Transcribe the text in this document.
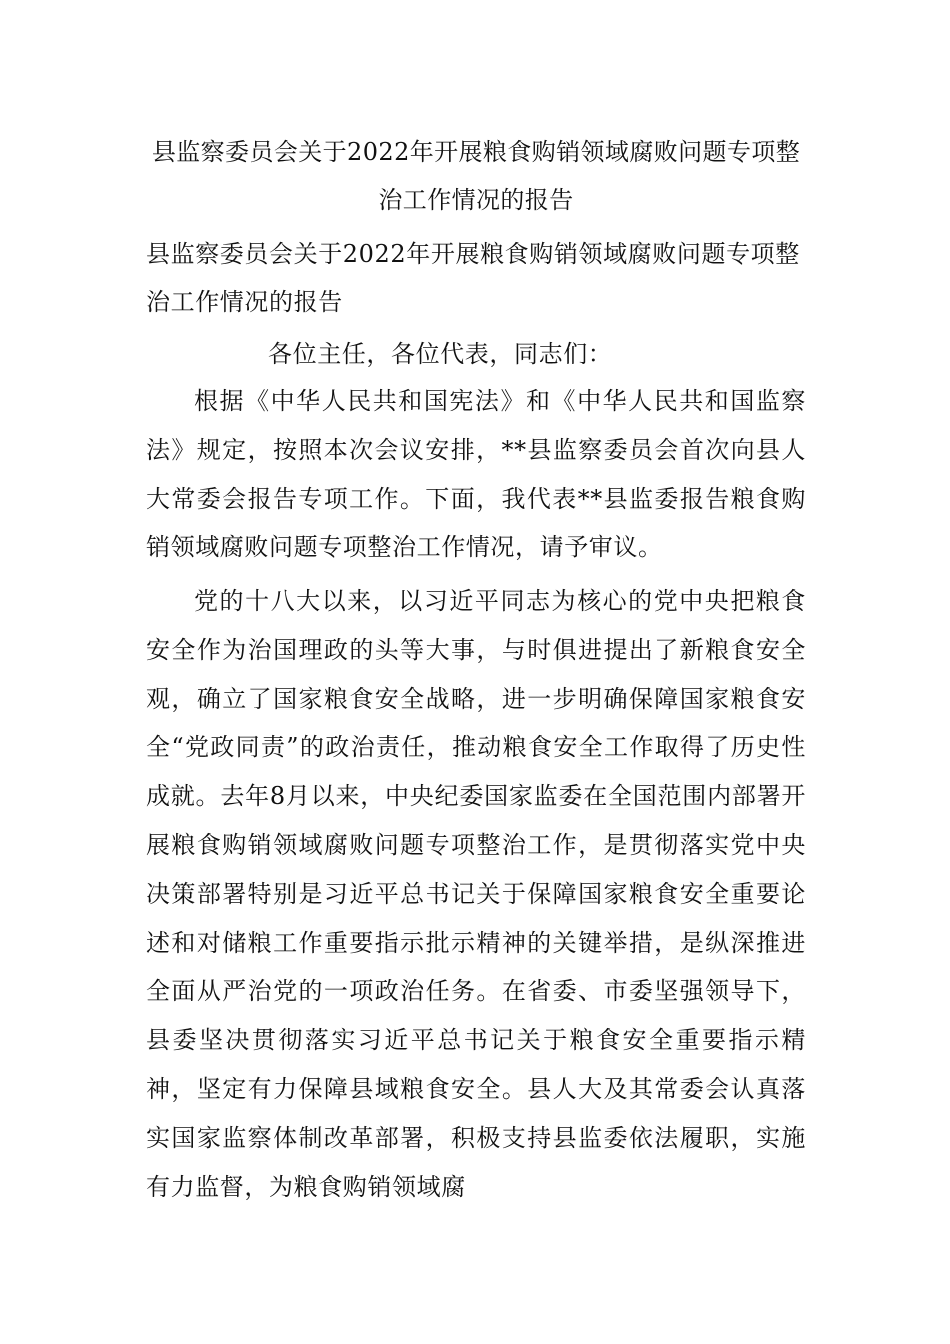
县监察委员会关于2022年开展粮食购销领域腐败问题专项整治工作情况的报告
县监察委员会关于2022年开展粮食购销领域腐败问题专项整治工作情况的报告
各位主任，各位代表，同志们：
根据《中华人民共和国宪法》和《中华人民共和国监察法》规定，按照本次会议安排，**县监察委员会首次向县人大常委会报告专项工作。下面，我代表**县监委报告粮食购销领域腐败问题专项整治工作情况，请予审议。
党的十八大以来，以习近平同志为核心的党中央把粮食安全作为治国理政的头等大事，与时俱进提出了新粮食安全观，确立了国家粮食安全战略，进一步明确保障国家粮食安全“党政同责”的政治责任，推动粮食安全工作取得了历史性成就。去年8月以来，中央纪委国家监委在全国范围内部署开展粮食购销领域腐败问题专项整治工作，是贯彻落实党中央决策部署特别是习近平总书记关于保障国家粮食安全重要论述和对储粮工作重要指示批示精神的关键举措，是纵深推进全面从严治党的一项政治任务。在省委、市委坚强领导下，县委坚决贯彻落实习近平总书记关于粮食安全重要指示精神，坚定有力保障县域粮食安全。县人大及其常委会认真落实国家监察体制改革部署，积极支持县监委依法履职，实施有力监督，为粮食购销领域腐
